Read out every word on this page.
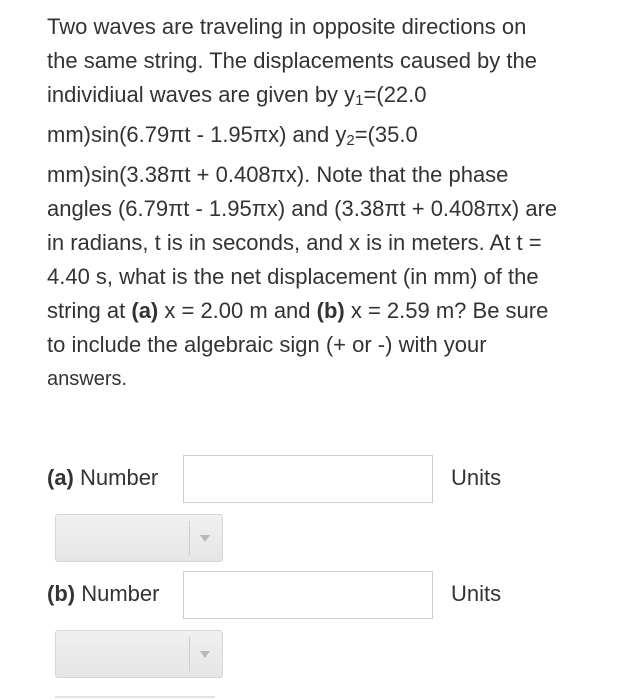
Two waves are traveling in opposite directions on
the same string. The displacements caused by the
individiual waves are given by $y_1=(22.0$
mm)sin(6.79πt - 1.95πx) and $y_2=(35.0$
mm)sin(3.38πt + 0.408πx). Note that the phase
angles (6.79πt - 1.95πx) and (3.38πt + 0.408πx) are
in radians, t is in seconds, and x is in meters. At t =
4.40 s, what is the net displacement (in mm) of the
string at (a) x = 2.00 m and (b) x = 2.59 m? Be sure
to include the algebraic sign (+ or -) with your
answers.
(a) Number	Units
(b) Number	Units
